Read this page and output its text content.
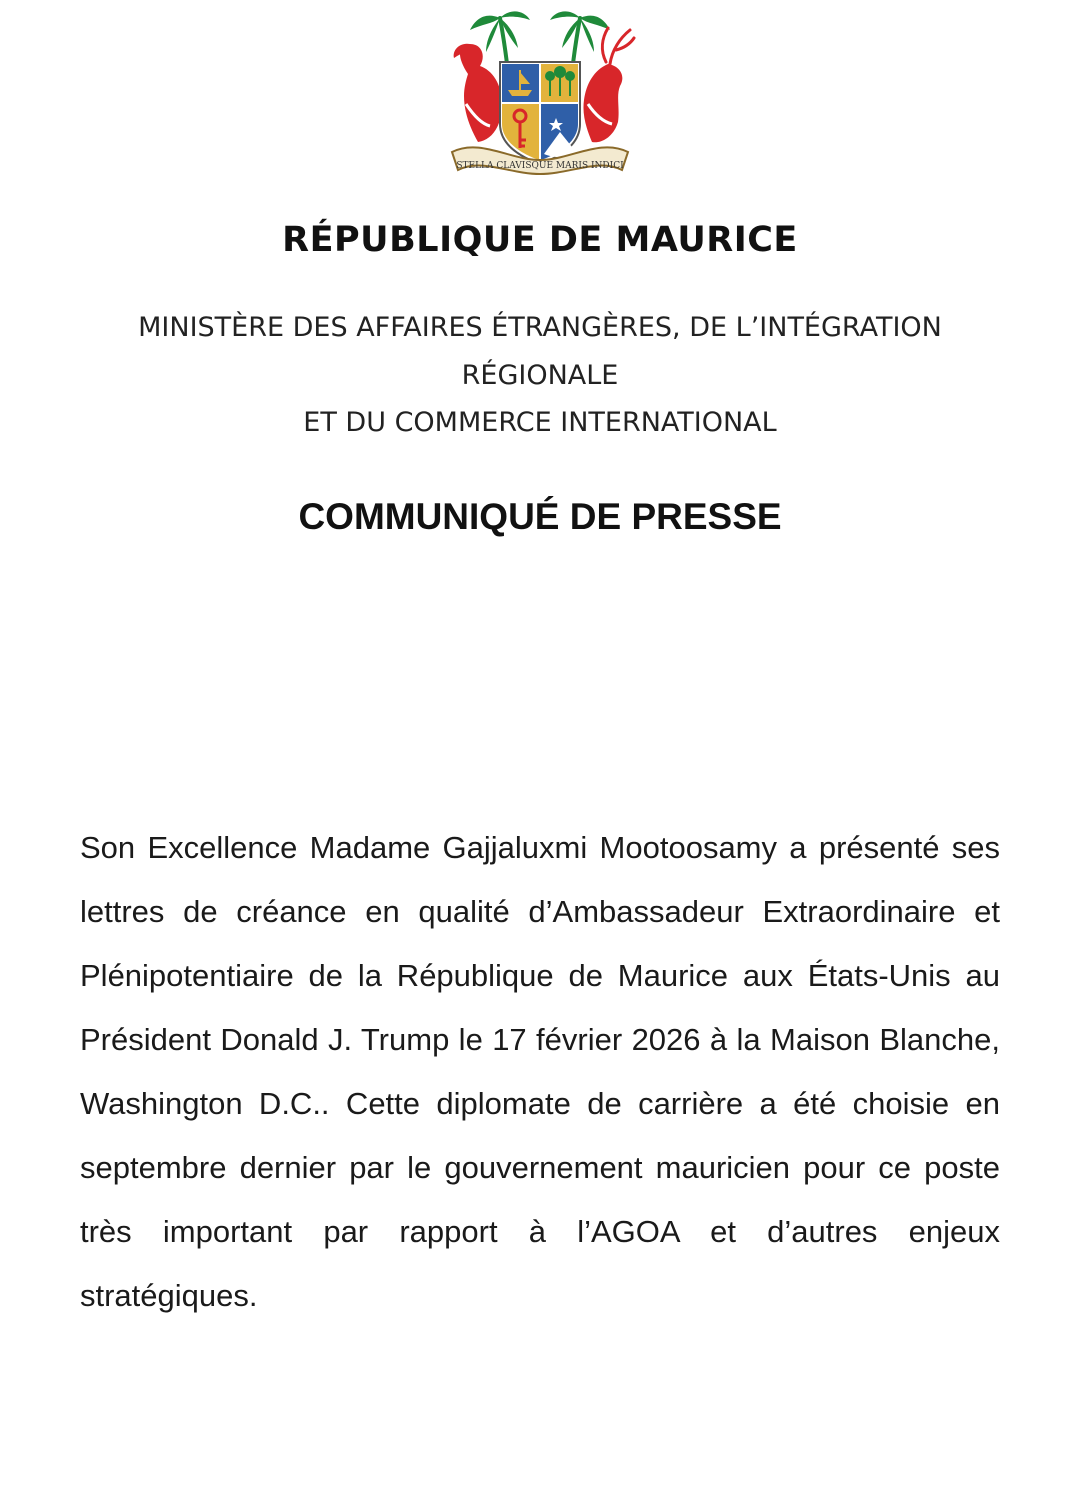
STELLA CLAVISQUE MARIS INDICI
RÉPUBLIQUE DE MAURICE
MINISTÈRE DES AFFAIRES ÉTRANGÈRES, DE L’INTÉGRATION
RÉGIONALE
ET DU COMMERCE INTERNATIONAL
COMMUNIQUÉ DE PRESSE

Son Excellence Madame Gajjaluxmi Mootoosamy a présenté ses lettres de créance en qualité d’Ambassadeur Extraordinaire et Plénipotentiaire de la République de Maurice aux États-Unis au Président Donald J. Trump le 17 février 2026 à la Maison Blanche, Washington D.C.. Cette diplomate de carrière a été choisie en septembre dernier par le gouvernement mauricien pour ce poste très important par rapport à l’AGOA et d’autres enjeux stratégiques.
